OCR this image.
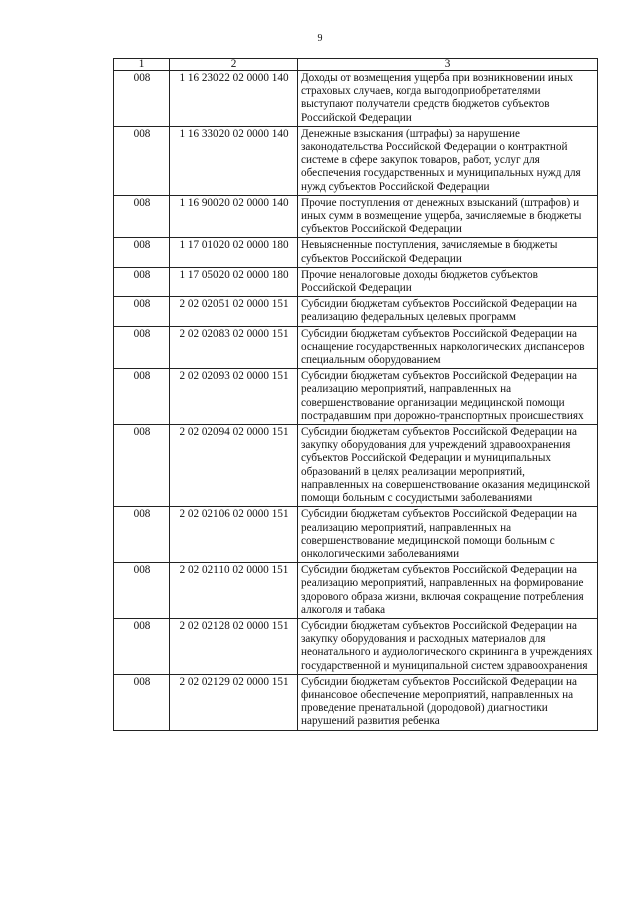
9
1	2	3
008	1 16 23022 02 0000 140	Доходы от возмещения ущерба при возникновении иных страховых случаев, когда выгодоприобретателями выступают получатели средств бюджетов субъектов Российской Федерации
008	1 16 33020 02 0000 140	Денежные взыскания (штрафы) за нарушение законодательства Российской Федерации о контрактной системе в сфере закупок товаров, работ, услуг для обеспечения государственных и муниципальных нужд для нужд субъектов Российской Федерации
008	1 16 90020 02 0000 140	Прочие поступления от денежных взысканий (штрафов) и иных сумм в возмещение ущерба, зачисляемые в бюджеты субъектов Российской Федерации
008	1 17 01020 02 0000 180	Невыясненные поступления, зачисляемые в бюджеты субъектов Российской Федерации
008	1 17 05020 02 0000 180	Прочие неналоговые доходы бюджетов субъектов Российской Федерации
008	2 02 02051 02 0000 151	Субсидии бюджетам субъектов Российской Федерации на реализацию федеральных целевых программ
008	2 02 02083 02 0000 151	Субсидии бюджетам субъектов Российской Федерации на оснащение государственных наркологических диспансеров специальным оборудованием
008	2 02 02093 02 0000 151	Субсидии бюджетам субъектов Российской Федерации на реализацию мероприятий, направленных на совершенствование организации медицинской помощи пострадавшим при дорожно-транспортных происшествиях
008	2 02 02094 02 0000 151	Субсидии бюджетам субъектов Российской Федерации на закупку оборудования для учреждений здравоохранения субъектов Российской Федерации и муниципальных образований в целях реализации мероприятий, направленных на совершенствование оказания медицинской помощи больным с сосудистыми заболеваниями
008	2 02 02106 02 0000 151	Субсидии бюджетам субъектов Российской Федерации на реализацию мероприятий, направленных на совершенствование медицинской помощи больным с онкологическими заболеваниями
008	2 02 02110 02 0000 151	Субсидии бюджетам субъектов Российской Федерации на реализацию мероприятий, направленных на формирование здорового образа жизни, включая сокращение потребления алкоголя и табака
008	2 02 02128 02 0000 151	Субсидии бюджетам субъектов Российской Федерации на закупку оборудования и расходных материалов для неонатального и аудиологического скрининга в учреждениях государственной и муниципальной систем здравоохранения
008	2 02 02129 02 0000 151	Субсидии бюджетам субъектов Российской Федерации на финансовое обеспечение мероприятий, направленных на проведение пренатальной (дородовой) диагностики нарушений развития ребенка
